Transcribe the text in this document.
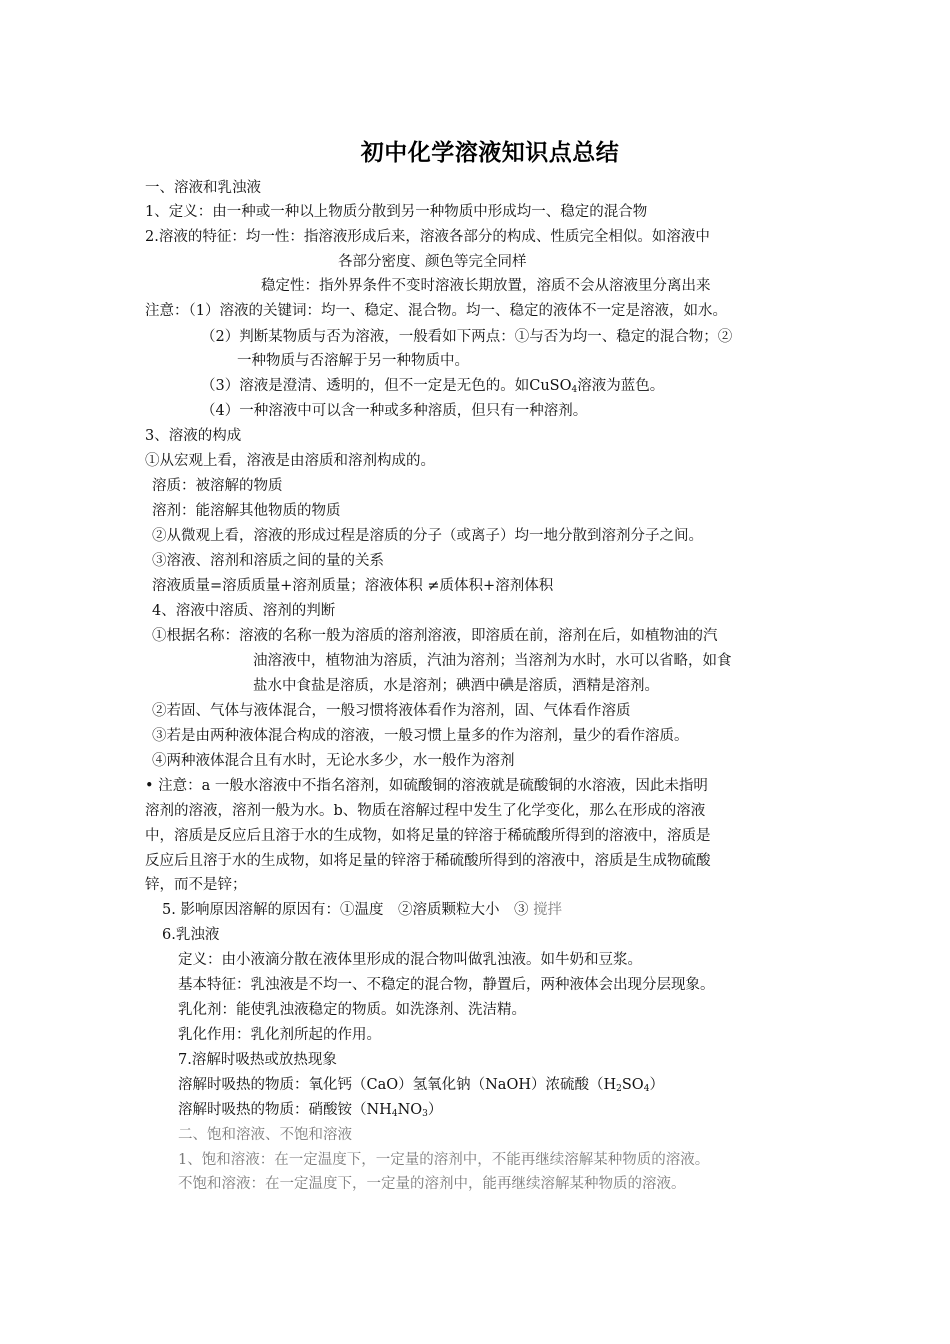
初中化学溶液知识点总结
一、溶液和乳浊液
1、定义：由一种或一种以上物质分散到另一种物质中形成均一、稳定的混合物
2.溶液的特征：均一性：指溶液形成后来，溶液各部分的构成、性质完全相似。如溶液中
各部分密度、颜色等完全同样
稳定性：指外界条件不变时溶液长期放置，溶质不会从溶液里分离出来
注意：（1）溶液的关键词：均一、稳定、混合物。均一、稳定的液体不一定是溶液，如水。
（2）判断某物质与否为溶液，一般看如下两点：①与否为均一、稳定的混合物；②
一种物质与否溶解于另一种物质中。
（3）溶液是澄清、透明的，但不一定是无色的。如CuSO$_4$溶液为蓝色。
（4）一种溶液中可以含一种或多种溶质，但只有一种溶剂。
3、溶液的构成
①从宏观上看，溶液是由溶质和溶剂构成的。
溶质：被溶解的物质
溶剂：能溶解其他物质的物质
②从微观上看，溶液的形成过程是溶质的分子（或离子）均一地分散到溶剂分子之间。
③溶液、溶剂和溶质之间的量的关系
溶液质量=溶质质量+溶剂质量；溶液体积 ≠质体积+溶剂体积
4、溶液中溶质、溶剂的判断
①根据名称：溶液的名称一般为溶质的溶剂溶液，即溶质在前，溶剂在后，如植物油的汽
油溶液中，植物油为溶质，汽油为溶剂；当溶剂为水时，水可以省略，如食
盐水中食盐是溶质，水是溶剂；碘酒中碘是溶质，酒精是溶剂。
②若固、气体与液体混合，一般习惯将液体看作为溶剂，固、气体看作溶质
③若是由两种液体混合构成的溶液，一般习惯上量多的作为溶剂，量少的看作溶质。
④两种液体混合且有水时，无论水多少，水一般作为溶剂
• 注意：a 一般水溶液中不指名溶剂，如硫酸铜的溶液就是硫酸铜的水溶液，因此未指明
溶剂的溶液，溶剂一般为水。b、物质在溶解过程中发生了化学变化，那么在形成的溶液
中，溶质是反应后且溶于水的生成物，如将足量的锌溶于稀硫酸所得到的溶液中，溶质是
反应后且溶于水的生成物，如将足量的锌溶于稀硫酸所得到的溶液中，溶质是生成物硫酸
锌，而不是锌；
5. 影响原因溶解的原因有：①温度　②溶质颗粒大小　③ 搅拌
6.乳浊液
定义：由小液滴分散在液体里形成的混合物叫做乳浊液。如牛奶和豆浆。
基本特征：乳浊液是不均一、不稳定的混合物，静置后，两种液体会出现分层现象。
乳化剂：能使乳浊液稳定的物质。如洗涤剂、洗洁精。
乳化作用：乳化剂所起的作用。
7.溶解时吸热或放热现象
溶解时吸热的物质：氧化钙（CaO）氢氧化钠（NaOH）浓硫酸$(H_2SO_4)$
溶解时吸热的物质：硝酸铵$(NH_4NO_3)$
二、饱和溶液、不饱和溶液
1、饱和溶液：在一定温度下，一定量的溶剂中，不能再继续溶解某种物质的溶液。
不饱和溶液：在一定温度下，一定量的溶剂中，能再继续溶解某种物质的溶液。
